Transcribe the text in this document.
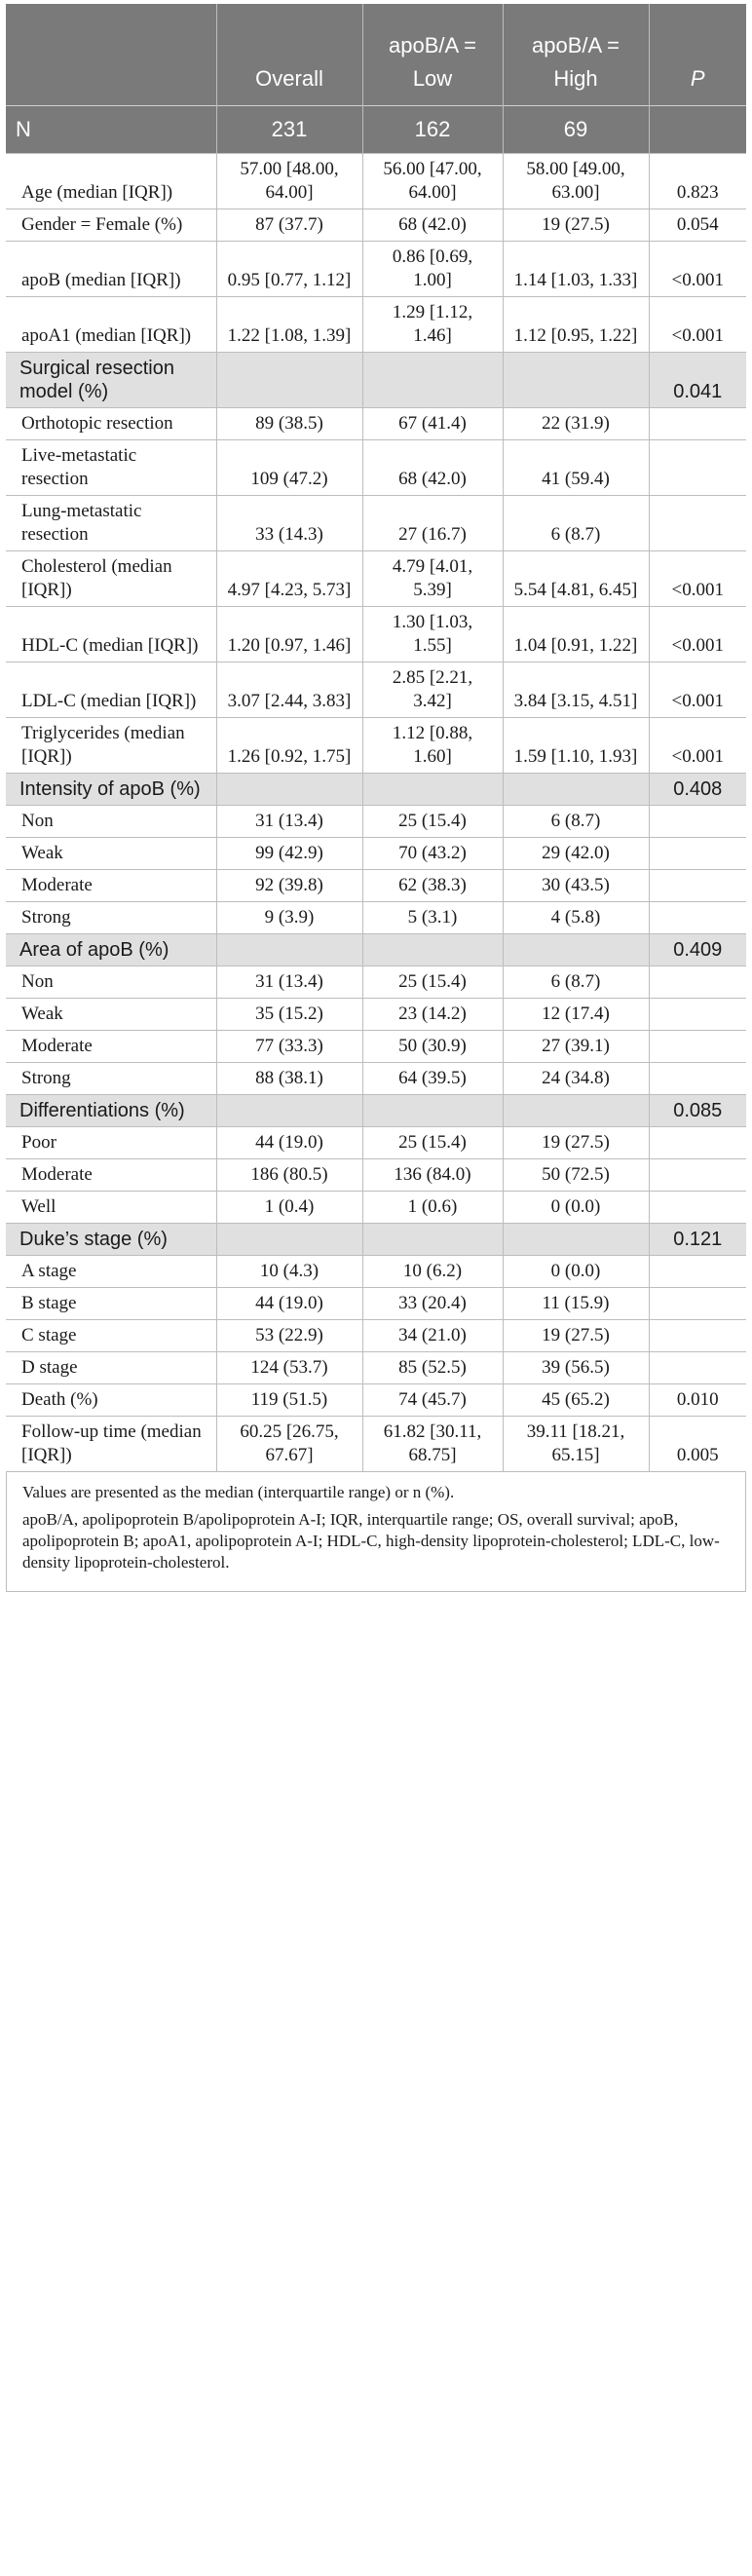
	Overall	apoB/A = Low	apoB/A = High	P
N	231	162	69	
Age (median [IQR])	57.00 [48.00, 64.00]	56.00 [47.00, 64.00]	58.00 [49.00, 63.00]	0.823
Gender = Female (%)	87 (37.7)	68 (42.0)	19 (27.5)	0.054
apoB (median [IQR])	0.95 [0.77, 1.12]	0.86 [0.69, 1.00]	1.14 [1.03, 1.33]	<0.001
apoA1 (median [IQR])	1.22 [1.08, 1.39]	1.29 [1.12, 1.46]	1.12 [0.95, 1.22]	<0.001
Surgical resection model (%)				0.041
Orthotopic resection	89 (38.5)	67 (41.4)	22 (31.9)	
Live-metastatic resection	109 (47.2)	68 (42.0)	41 (59.4)	
Lung-metastatic resection	33 (14.3)	27 (16.7)	6 (8.7)	
Cholesterol (median [IQR])	4.97 [4.23, 5.73]	4.79 [4.01, 5.39]	5.54 [4.81, 6.45]	<0.001
HDL-C (median [IQR])	1.20 [0.97, 1.46]	1.30 [1.03, 1.55]	1.04 [0.91, 1.22]	<0.001
LDL-C (median [IQR])	3.07 [2.44, 3.83]	2.85 [2.21, 3.42]	3.84 [3.15, 4.51]	<0.001
Triglycerides (median [IQR])	1.26 [0.92, 1.75]	1.12 [0.88, 1.60]	1.59 [1.10, 1.93]	<0.001
Intensity of apoB (%)				0.408
Non	31 (13.4)	25 (15.4)	6 (8.7)	
Weak	99 (42.9)	70 (43.2)	29 (42.0)	
Moderate	92 (39.8)	62 (38.3)	30 (43.5)	
Strong	9 (3.9)	5 (3.1)	4 (5.8)	
Area of apoB (%)				0.409
Non	31 (13.4)	25 (15.4)	6 (8.7)	
Weak	35 (15.2)	23 (14.2)	12 (17.4)	
Moderate	77 (33.3)	50 (30.9)	27 (39.1)	
Strong	88 (38.1)	64 (39.5)	24 (34.8)	
Differentiations (%)				0.085
Poor	44 (19.0)	25 (15.4)	19 (27.5)	
Moderate	186 (80.5)	136 (84.0)	50 (72.5)	
Well	1 (0.4)	1 (0.6)	0 (0.0)	
Duke’s stage (%)				0.121
A stage	10 (4.3)	10 (6.2)	0 (0.0)	
B stage	44 (19.0)	33 (20.4)	11 (15.9)	
C stage	53 (22.9)	34 (21.0)	19 (27.5)	
D stage	124 (53.7)	85 (52.5)	39 (56.5)	
Death (%)	119 (51.5)	74 (45.7)	45 (65.2)	0.010
Follow-up time (median [IQR])	60.25 [26.75, 67.67]	61.82 [30.11, 68.75]	39.11 [18.21, 65.15]	0.005

Values are presented as the median (interquartile range) or n (%).

apoB/A, apolipoprotein B/apolipoprotein A-I; IQR, interquartile range; OS, overall survival; apoB, apolipoprotein B; apoA1, apolipoprotein A-I; HDL-C, high-density lipoprotein-cholesterol; LDL-C, low-density lipoprotein-cholesterol.
